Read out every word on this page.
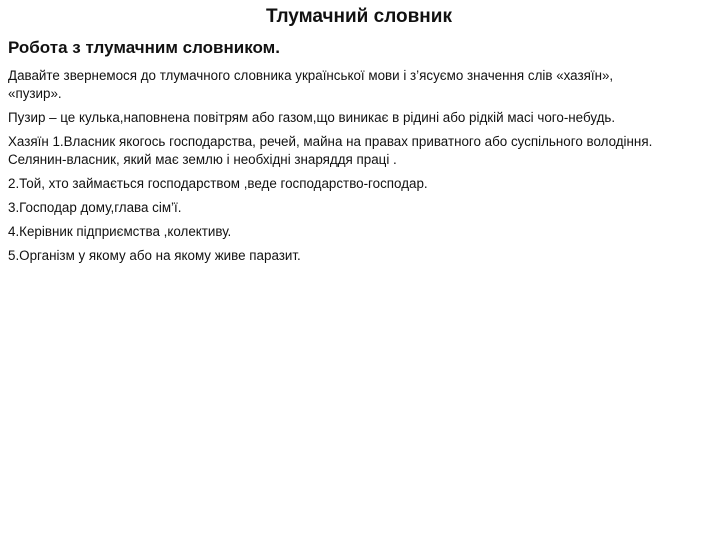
Тлумачний словник
Робота з тлумачним словником.

Давайте звернемося до тлумачного словника української мови і з’ясуємо значення слів «хазяїн»,
«пузир».

Пузир – це кулька,наповнена повітрям або газом,що виникає в рідині або рідкій масі чого-небудь.

Хазяїн 1.Власник якогось господарства, речей, майна на правах приватного або суспільного володіння.
Селянин-власник, який має землю і необхідні знаряддя праці .

2.Той, хто займається господарством ,веде господарство-господар.

3.Господар дому,глава сім’ї.

4.Керівник підприємства ,колективу.

5.Організм у якому або на якому живе паразит.
